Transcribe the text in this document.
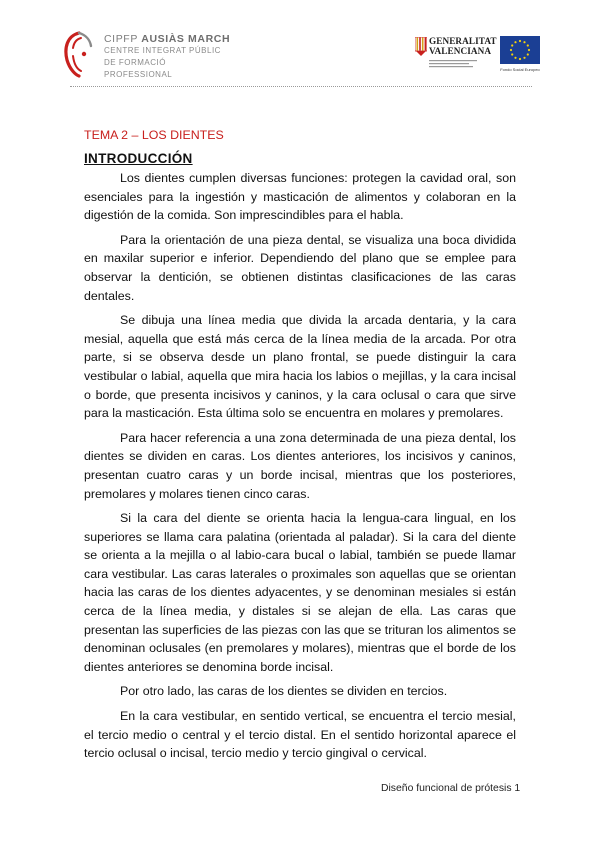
CIPFP AUSIÀS MARCH
CENTRE INTEGRAT PÚBLIC
DE FORMACIÓ PROFESSIONAL
GENERALITAT
VALENCIANA
Fondo Social Europeo

TEMA 2 – LOS DIENTES

INTRODUCCIÓN

Los dientes cumplen diversas funciones: protegen la cavidad oral, son esenciales para la ingestión y masticación de alimentos y colaboran en la digestión de la comida. Son imprescindibles para el habla.

Para la orientación de una pieza dental, se visualiza una boca dividida en maxilar superior e inferior. Dependiendo del plano que se emplee para observar la dentición, se obtienen distintas clasificaciones de las caras dentales.

Se dibuja una línea media que divida la arcada dentaria, y la cara mesial, aquella que está más cerca de la línea media de la arcada. Por otra parte, si se observa desde un plano frontal, se puede distinguir la cara vestibular o labial, aquella que mira hacia los labios o mejillas, y la cara incisal o borde, que presenta incisivos y caninos, y la cara oclusal o cara que sirve para la masticación. Esta última solo se encuentra en molares y premolares.

Para hacer referencia a una zona determinada de una pieza dental, los dientes se dividen en caras. Los dientes anteriores, los incisivos y caninos, presentan cuatro caras y un borde incisal, mientras que los posteriores, premolares y molares tienen cinco caras.

Si la cara del diente se orienta hacia la lengua-cara lingual, en los superiores se llama cara palatina (orientada al paladar). Si la cara del diente se orienta a la mejilla o al labio-cara bucal o labial, también se puede llamar cara vestibular. Las caras laterales o proximales son aquellas que se orientan hacia las caras de los dientes adyacentes, y se denominan mesiales si están cerca de la línea media, y distales si se alejan de ella. Las caras que presentan las superficies de las piezas con las que se trituran los alimentos se denominan oclusales (en premolares y molares), mientras que el borde de los dientes anteriores se denomina borde incisal.

Por otro lado, las caras de los dientes se dividen en tercios.

En la cara vestibular, en sentido vertical, se encuentra el tercio mesial, el tercio medio o central y el tercio distal. En el sentido horizontal aparece el tercio oclusal o incisal, tercio medio y tercio gingival o cervical.

Diseño funcional de prótesis 1
